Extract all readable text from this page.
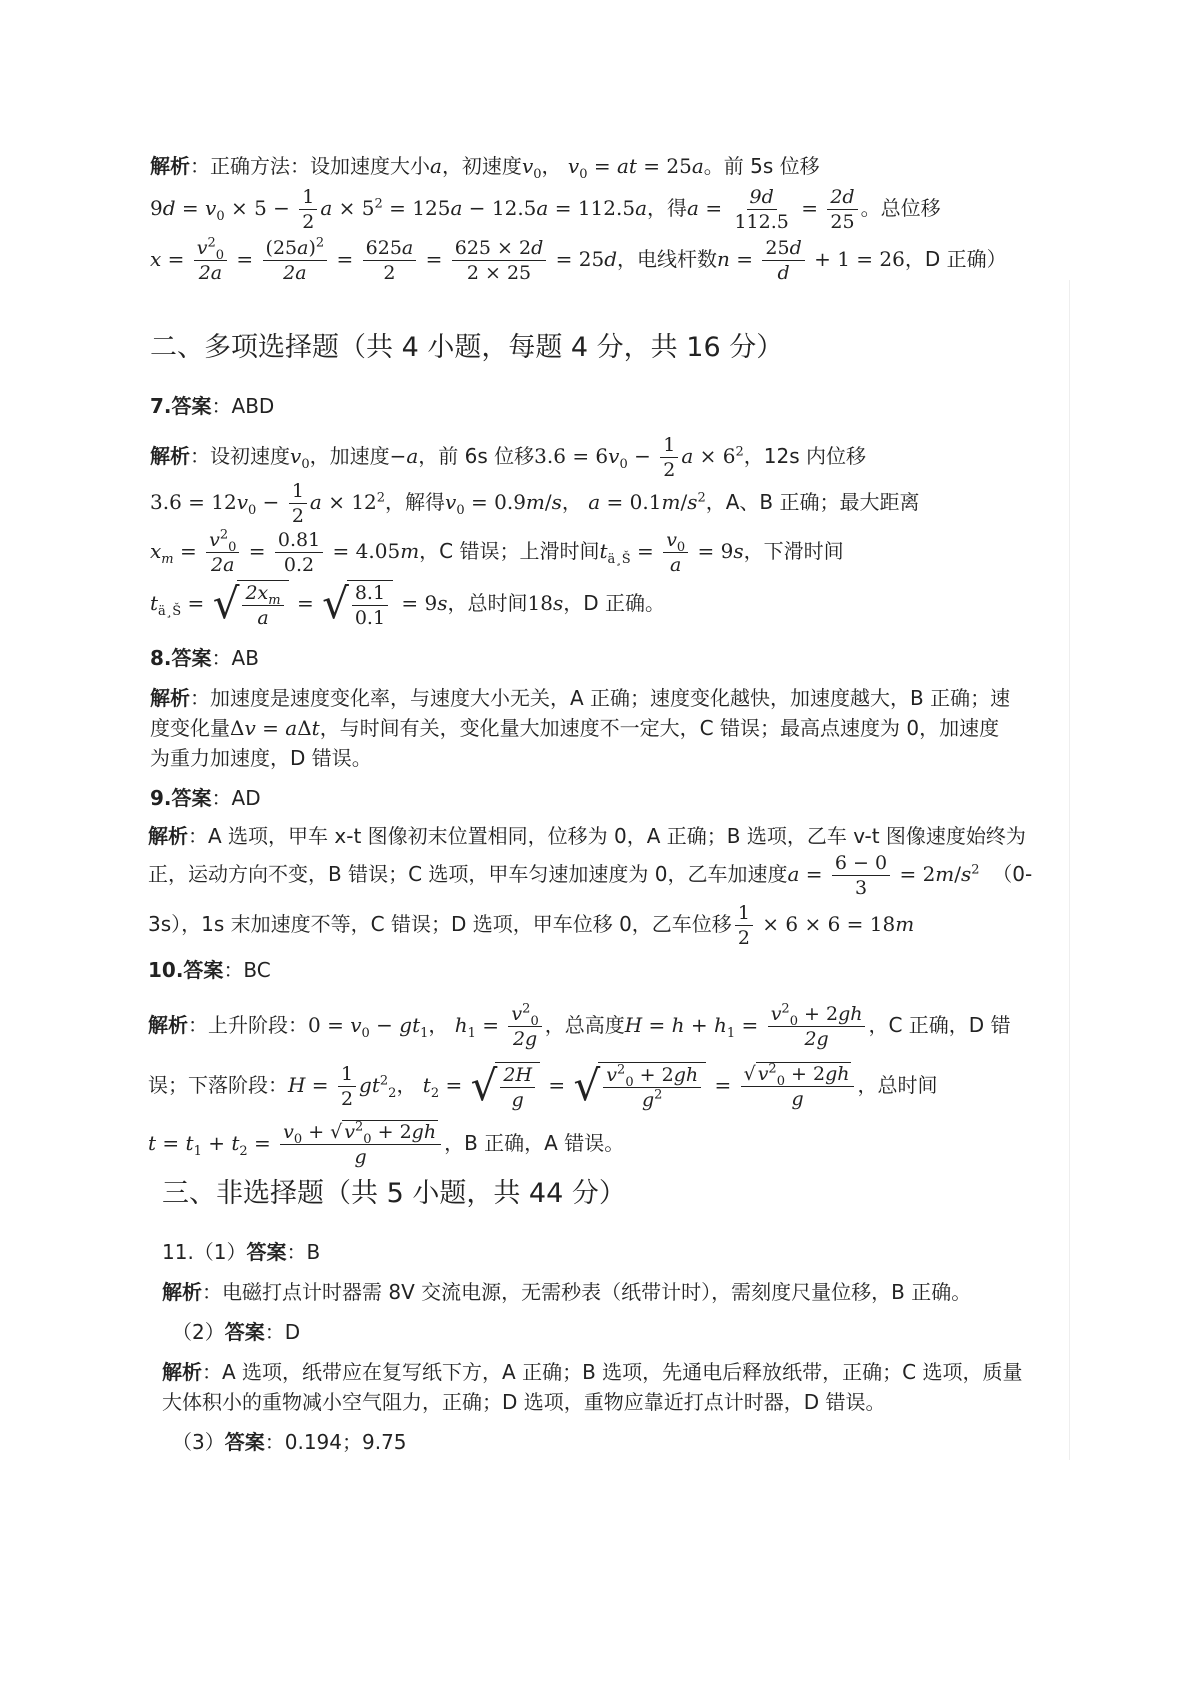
解析：正确方法：设加速度大小a，初速度$v_0$， $v_0$ = at = 25a。前 5s 位移
$9d = v_0 \times 5 - \frac{1}{2}$ $a \times 5^2 = 125a - 12.5a = 112.5a$，得$a = \frac{9d}{112.5} = \frac{2d}{25}$ 。总位移
$x = \frac{v^2_0}{2a} = \frac{(25a)^2}{2a} = \frac{625a}{2} = \frac{625 \times 2d}{2 \times 25} = 25d$，电线杆数$n = \frac{25d}{d} + 1 = 26$，D 正确）
二、多项选择题（共 4 小题，每题 4 分，共 16 分）
7.答案：ABD
解析：设初速度$v_0$，加速度−a，前 6s 位移$3.6 = 6v_0 - \frac{1}{2}$ $a \times 6^2$，12s 内位移
$3.6 = 12v_0 - \frac{1}{2}$ $a \times 12^2$，解得$v_0 = 0.9m/s$， $a = 0.1m/s^2$，A、B 正确；最大距离
$x_m = \frac{v^2_0}{2a} = \frac{0.81}{0.2} = 4.05m$，C 错误；上滑时间$t_{ä¸Š} = \frac{v_0}{a} = 9s$，下滑时间
$t_{ä¸Š}$ = √ $\frac{2x_m}{a}$ = √ $\frac{8.1}{0.1} = 9s$，总时间18s，D 正确。
8.答案：AB
解析：加速度是速度变化率，与速度大小无关，A 正确；速度变化越快，加速度越大，B 正确；速
度变化量Δv = aΔt，与时间有关，变化量大加速度不一定大，C 错误；最高点速度为 0，加速度
为重力加速度，D 错误。
9.答案：AD
解析：A 选项，甲车 x-t 图像初末位置相同，位移为 0，A 正确；B 选项，乙车 v-t 图像速度始终为
正，运动方向不变，B 错误；C 选项，甲车匀速加速度为 0，乙车加速度$a = \frac{6 - 0}{3} = 2m/s^2$ （0-
3s），1s 末加速度不等，C 错误；D 选项，甲车位移 0，乙车位移 $\frac{1}{2} \times 6 \times 6 = 18m$
10.答案：BC
解析：上升阶段：$0 = v_0 - gt_1$， $h_1 = \frac{v^2_0}{2g}$ ，总高度$H = h + h_1 = \frac{v^2_0 + 2gh}{2g}$ ，C 正确，D 错
误；下落阶段：$H = \frac{1}{2} gt^2_2$， $t_2$ = √ $\frac{2H}{g}$ = √ $\frac{v^2_0 + 2gh}{g^2} = \frac{√ v^2_0 + 2gh}{g}$ ，总时间
$t = t_1 + t_2 = \frac{v_0 + √ v^2_0 + 2gh}{g}$ ，B 正确，A 错误。
三、非选择题（共 5 小题，共 44 分）
11.（1）答案：B
解析：电磁打点计时器需 8V 交流电源，无需秒表（纸带计时），需刻度尺量位移，B 正确。
（2）答案：D
解析：A 选项，纸带应在复写纸下方，A 正确；B 选项，先通电后释放纸带，正确；C 选项，质量
大体积小的重物减小空气阻力，正确；D 选项，重物应靠近打点计时器，D 错误。
（3）答案：0.194；9.75
